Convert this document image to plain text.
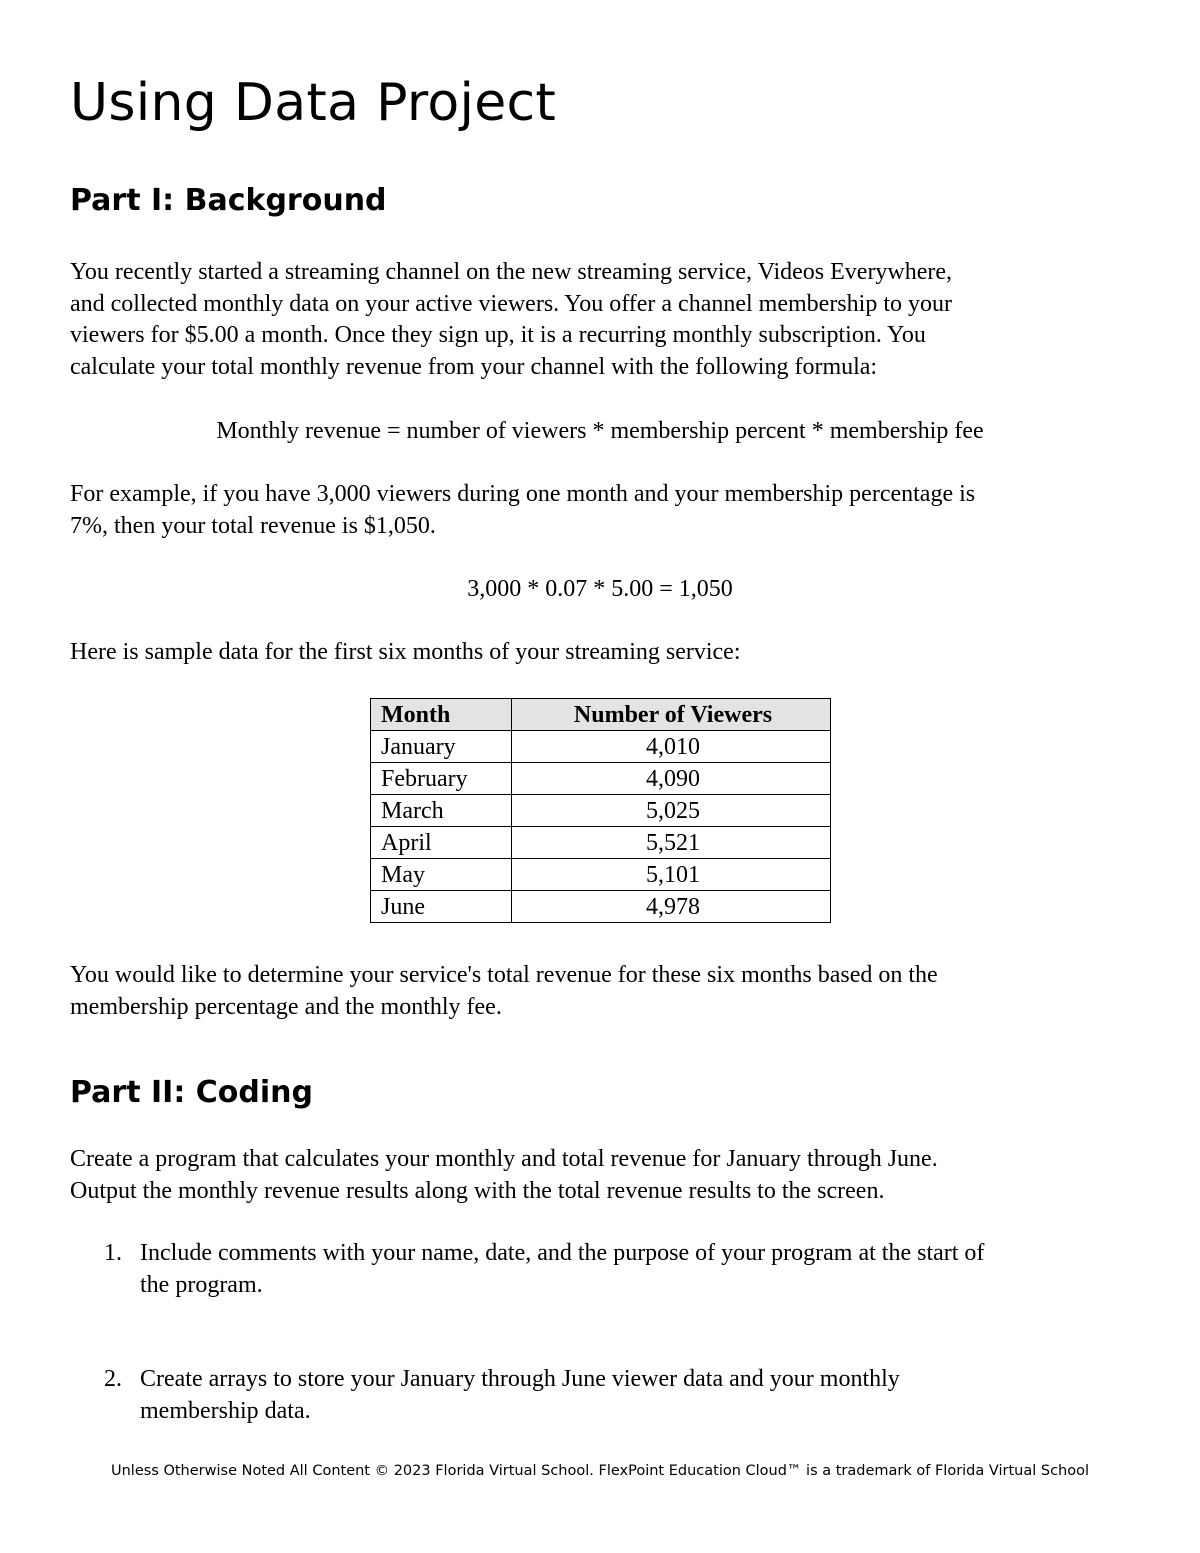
Using Data Project
Part I: Background
You recently started a streaming channel on the new streaming service, Videos Everywhere,
and collected monthly data on your active viewers. You offer a channel membership to your
viewers for $5.00 a month. Once they sign up, it is a recurring monthly subscription. You
calculate your total monthly revenue from your channel with the following formula:
Monthly revenue = number of viewers * membership percent * membership fee
For example, if you have 3,000 viewers during one month and your membership percentage is
7%, then your total revenue is $1,050.
3,000 * 0.07 * 5.00 = 1,050
Here is sample data for the first six months of your streaming service:
Month	Number of Viewers
January	4,010
February	4,090
March	5,025
April	5,521
May	5,101
June	4,978
You would like to determine your service's total revenue for these six months based on the
membership percentage and the monthly fee.
Part II: Coding
Create a program that calculates your monthly and total revenue for January through June.
Output the monthly revenue results along with the total revenue results to the screen.
1. Include comments with your name, date, and the purpose of your program at the start of
the program.
2. Create arrays to store your January through June viewer data and your monthly
membership data.
Unless Otherwise Noted All Content © 2023 Florida Virtual School. FlexPoint Education Cloud™ is a trademark of Florida Virtual School
